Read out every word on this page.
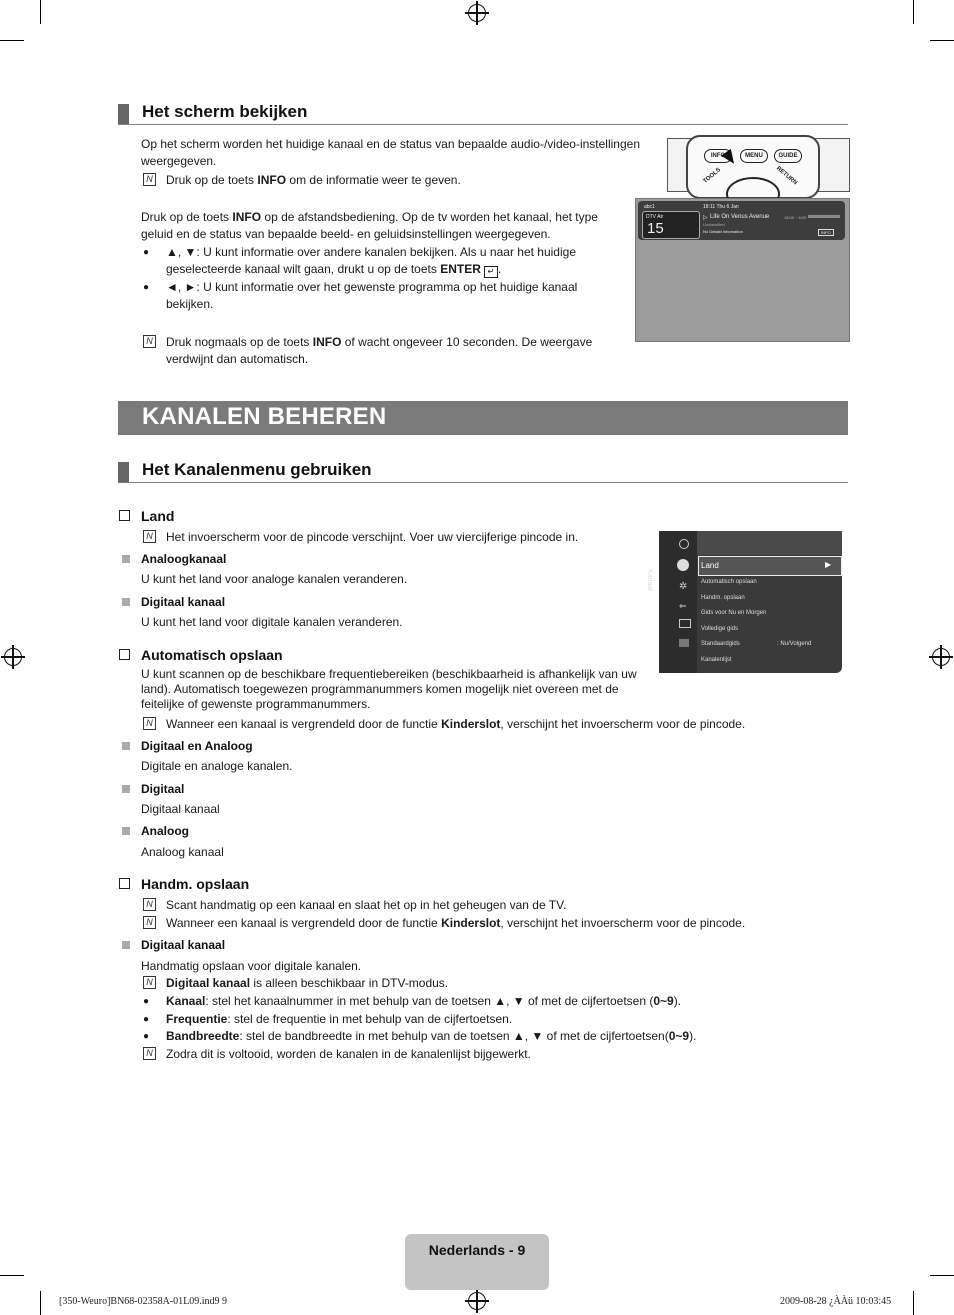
Het scherm bekijken
Op het scherm worden het huidige kanaal en de status van bepaalde audio-/video-instellingen weergegeven.
N Druk op de toets INFO om de informatie weer te geven.
Druk op de toets INFO op de afstandsbediening. Op de tv worden het kanaal, het type geluid en de status van bepaalde beeld- en geluidsinstellingen weergegeven.
● ▲, ▼: U kunt informatie over andere kanalen bekijken. Als u naar het huidige geselecteerde kanaal wilt gaan, drukt u op de toets ENTER ↵ .
● ◄, ►: U kunt informatie over het gewenste programma op het huidige kanaal bekijken.
N Druk nogmaals op de toets INFO of wacht ongeveer 10 seconden. De weergave verdwijnt dan automatisch.
INFO	MENU	GUIDE
TOOLS	RETURN
abc1	18:11 Thu 6 Jan
DTV Air
15
▷ Life On Venus Avenue	18:00 ~ 6:00
Unclassified
No Detaild Information	INFO
KANALEN BEHEREN
Het Kanalenmenu gebruiken
Land
N Het invoerscherm voor de pincode verschijnt. Voer uw viercijferige pincode in.
Analoogkanaal
U kunt het land voor analoge kanalen veranderen.
Digitaal kanaal
U kunt het land voor digitale kanalen veranderen.
Kanaal	✲
⇐
Land	▶
Automatisch opslaan
Handm. opslaan
Gids voor Nu en Morgen
Volledige gids
Standaardgids	: Nu/Volgend
Kanalenlijst
Automatisch opslaan
U kunt scannen op de beschikbare frequentiebereiken (beschikbaarheid is afhankelijk van uw land). Automatisch toegewezen programmanummers komen mogelijk niet overeen met de feitelijke of gewenste programmanummers.
N Wanneer een kanaal is vergrendeld door de functie Kinderslot, verschijnt het invoerscherm voor de pincode.
Digitaal en Analoog
Digitale en analoge kanalen.
Digitaal
Digitaal kanaal
Analoog
Analoog kanaal
Handm. opslaan
N Scant handmatig op een kanaal en slaat het op in het geheugen van de TV.
N Wanneer een kanaal is vergrendeld door de functie Kinderslot, verschijnt het invoerscherm voor de pincode.
Digitaal kanaal
Handmatig opslaan voor digitale kanalen.
N Digitaal kanaal is alleen beschikbaar in DTV-modus.
● Kanaal: stel het kanaalnummer in met behulp van de toetsen ▲, ▼ of met de cijfertoetsen (0~9).
● Frequentie: stel de frequentie in met behulp van de cijfertoetsen.
● Bandbreedte: stel de bandbreedte in met behulp van de toetsen ▲, ▼ of met de cijfertoetsen(0~9).
N Zodra dit is voltooid, worden de kanalen in de kanalenlijst bijgewerkt.
Nederlands - 9
[350-Weuro]BN68-02358A-01L09.ind9 9	2009-08-28 ¿ÀÀü 10:03:45
